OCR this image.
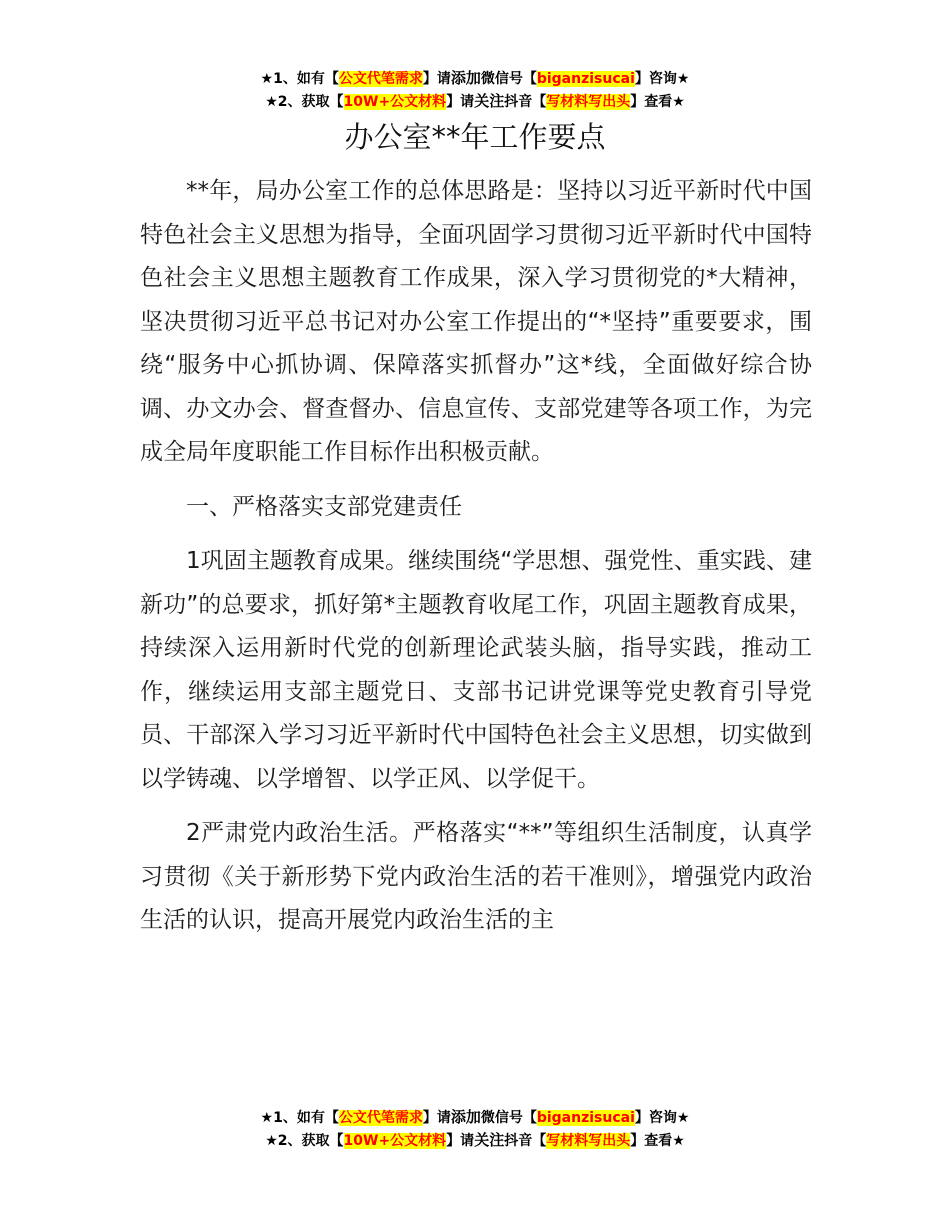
★1、如有【公文代笔需求】请添加微信号【biganzisucai】咨询★
★2、获取【10W+公文材料】请关注抖音【写材料写出头】查看★
办公室**年工作要点

**年，局办公室工作的总体思路是：坚持以习近平新时代中国特色社会主义思想为指导，全面巩固学习贯彻习近平新时代中国特色社会主义思想主题教育工作成果，深入学习贯彻党的*大精神，坚决贯彻习近平总书记对办公室工作提出的“*坚持”重要要求，围绕“服务中心抓协调、保障落实抓督办”这*线，全面做好综合协调、办文办会、督查督办、信息宣传、支部党建等各项工作，为完成全局年度职能工作目标作出积极贡献。

一、严格落实支部党建责任

1巩固主题教育成果。继续围绕“学思想、强党性、重实践、建新功”的总要求，抓好第*主题教育收尾工作，巩固主题教育成果，持续深入运用新时代党的创新理论武装头脑，指导实践，推动工作，继续运用支部主题党日、支部书记讲党课等党史教育引导党员、干部深入学习习近平新时代中国特色社会主义思想，切实做到以学铸魂、以学增智、以学正风、以学促干。

2严肃党内政治生活。严格落实“**”等组织生活制度，认真学习贯彻《关于新形势下党内政治生活的若干准则》，增强党内政治生活的认识，提高开展党内政治生活的主

★1、如有【公文代笔需求】请添加微信号【biganzisucai】咨询★
★2、获取【10W+公文材料】请关注抖音【写材料写出头】查看★
